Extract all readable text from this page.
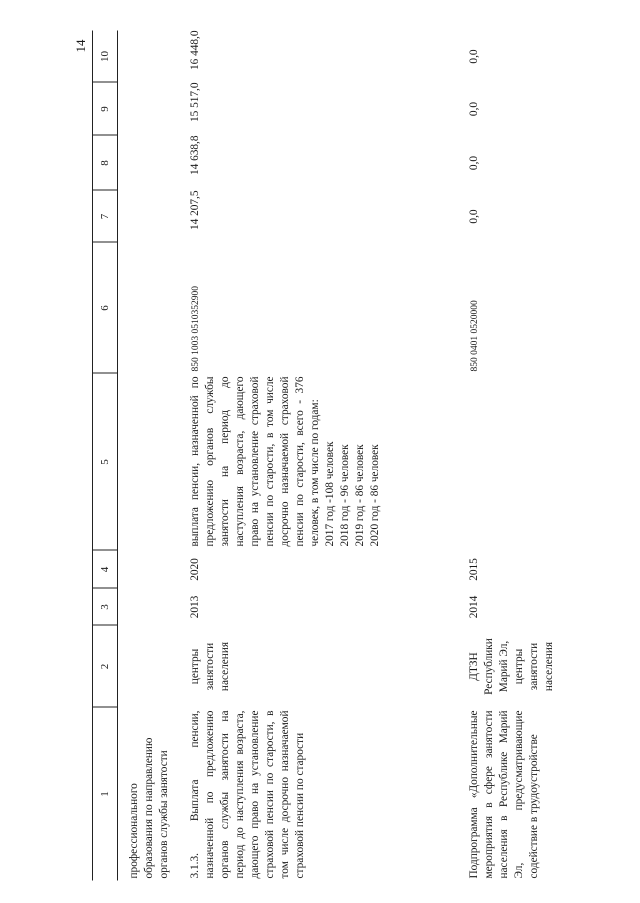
14
1
2
3
4
5
6
7
8
9
10
профессионального образования по направлению органов службы занятости 3.1.3. Выплата пенсии, назначенной по предложению органов службы занятости на период до наступления возраста, дающего право на установление страховой пенсии по старости, в том числе досрочно назначаемой страховой пенсии по старости
центры занятости населения
2013
2020
выплата пенсии, назначенной по предложению органов службы занятости на период до наступления возраста, дающего право на установление страховой пенсии по старости, в том числе досрочно назначаемой страховой пенсии по старости, всего - 376 человек, в том числе по годам: 2017 год -108 человек 2018 год - 96 человек 2019 год - 86 человек 2020 год - 86 человек
850 1003 0510352900
14 207,5
14 638,8
15 517,0
16 448,0
Подпрограмма «Дополнительные мероприятия в сфере занятости населения в Республике Марий Эл, предусматривающие содействие в трудоустройстве
ДТЗН Республики Марий Эл, центры занятости населения
2014
2015
850 0401 0520000
0,0
0,0
0,0
0,0
